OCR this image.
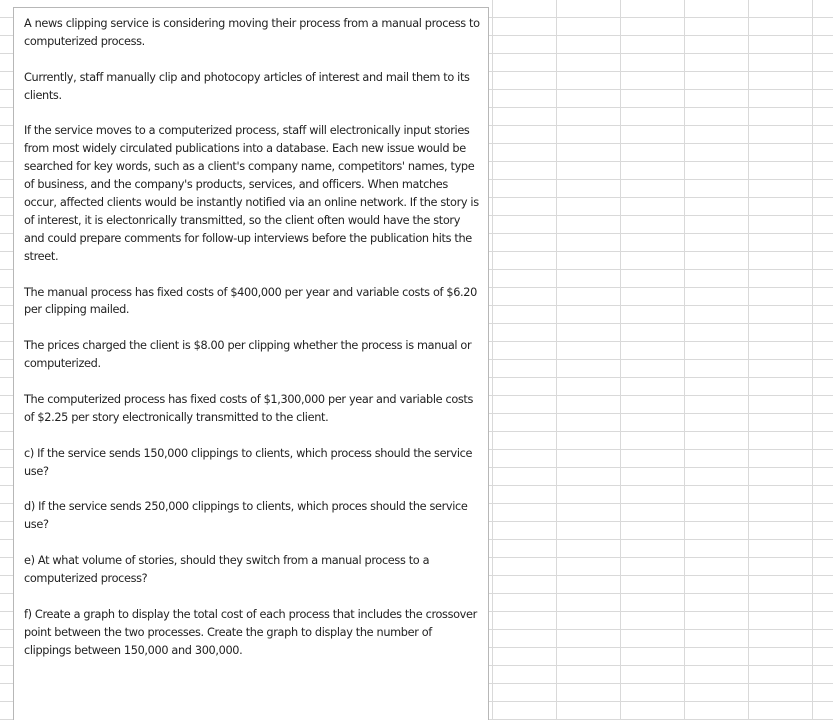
A news clipping service is considering moving their process from a manual process to computerized process.

Currently, staff manually clip and photocopy articles of interest and mail them to its clients.

If the service moves to a computerized process, staff will electronically input stories from most widely circulated publications into a database. Each new issue would be searched for key words, such as a client's company name, competitors' names, type of business, and the company's products, services, and officers. When matches occur, affected clients would be instantly notified via an online network. If the story is of interest, it is electonrically transmitted, so the client often would have the story and could prepare comments for follow-up interviews before the publication hits the street.

The manual process has fixed costs of $400,000 per year and variable costs of $6.20 per clipping mailed.

The prices charged the client is $8.00 per clipping whether the process is manual or computerized.

The computerized process has fixed costs of $1,300,000 per year and variable costs of $2.25 per story electronically transmitted to the client.

c) If the service sends 150,000 clippings to clients, which process should the service use?

d) If the service sends 250,000 clippings to clients, which proces should the service use?

e) At what volume of stories, should they switch from a manual process to a computerized process?

f) Create a graph to display the total cost of each process that includes the crossover point between the two processes. Create the graph to display the number of clippings between 150,000 and 300,000.
